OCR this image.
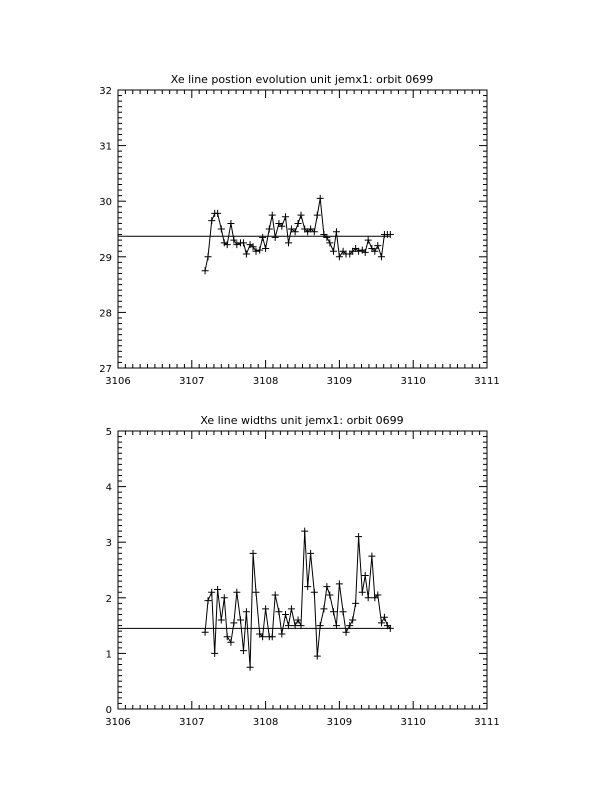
Xe line postion evolution unit jemx1: orbit 0699
3106	3107	3108	3109	3110	3111
27
28
29
30
31
32
Xe line widths unit jemx1: orbit 0699
3106	3107	3108	3109	3110	3111
0
1
2
3
4
5
